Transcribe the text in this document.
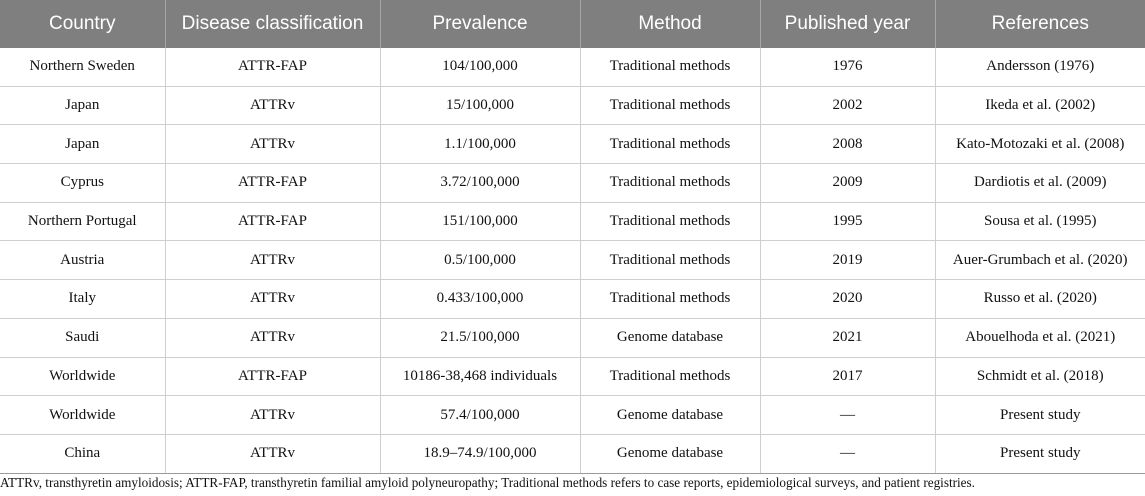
Country	Disease classification	Prevalence	Method	Published year	References
Northern Sweden	ATTR-FAP	104/100,000	Traditional methods	1976	Andersson (1976)
Japan	ATTRv	15/100,000	Traditional methods	2002	Ikeda et al. (2002)
Japan	ATTRv	1.1/100,000	Traditional methods	2008	Kato-Motozaki et al. (2008)
Cyprus	ATTR-FAP	3.72/100,000	Traditional methods	2009	Dardiotis et al. (2009)
Northern Portugal	ATTR-FAP	151/100,000	Traditional methods	1995	Sousa et al. (1995)
Austria	ATTRv	0.5/100,000	Traditional methods	2019	Auer-Grumbach et al. (2020)
Italy	ATTRv	0.433/100,000	Traditional methods	2020	Russo et al. (2020)
Saudi	ATTRv	21.5/100,000	Genome database	2021	Abouelhoda et al. (2021)
Worldwide	ATTR-FAP	10186-38,468 individuals	Traditional methods	2017	Schmidt et al. (2018)
Worldwide	ATTRv	57.4/100,000	Genome database	—	Present study
China	ATTRv	18.9–74.9/100,000	Genome database	—	Present study
ATTRv, transthyretin amyloidosis; ATTR-FAP, transthyretin familial amyloid polyneuropathy; Traditional methods refers to case reports, epidemiological surveys, and patient registries.
